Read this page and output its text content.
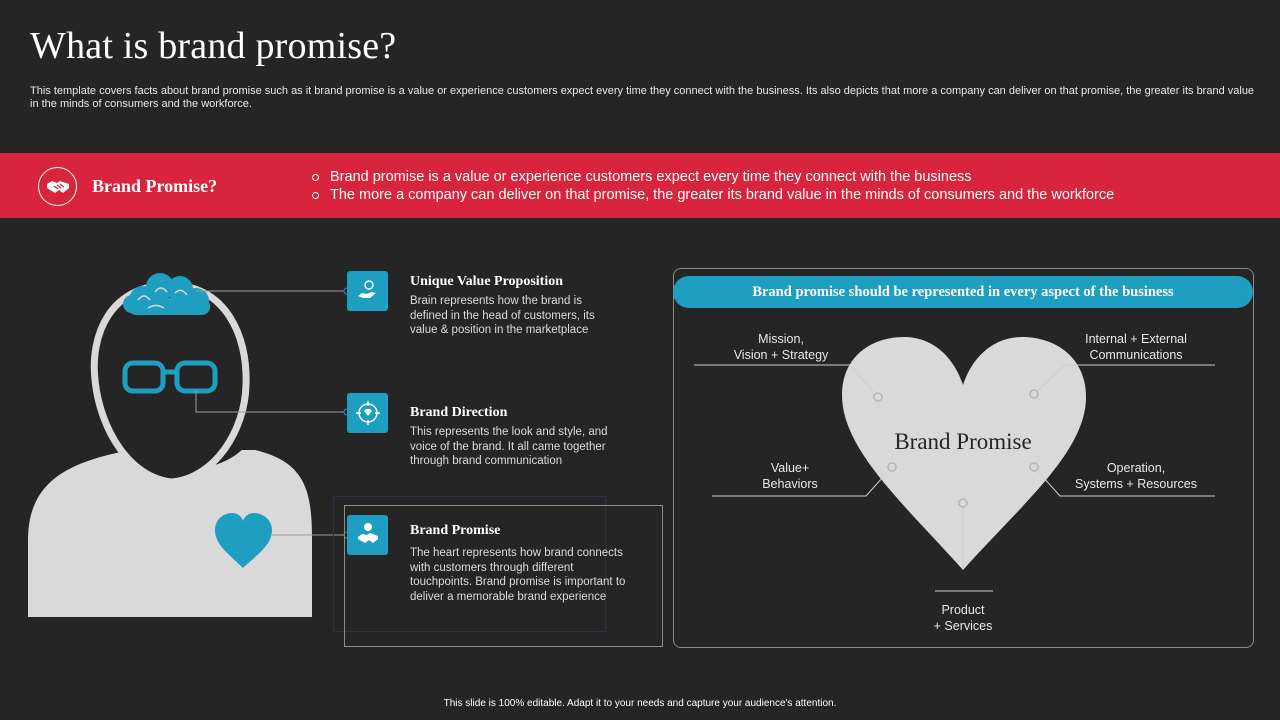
What is brand promise?
This template covers facts about brand promise such as it brand promise is a value or experience customers expect every time they connect with the business. Its also depicts that more a company can deliver on that promise, the greater its brand value in the minds of consumers and the workforce.
Brand Promise?	Brand promise is a value or experience customers expect every time they connect with the business
The more a company can deliver on that promise, the greater its brand value in the minds of consumers and the workforce
Unique Value Proposition
Brain represents how the brand is defined in the head of customers, its value & position in the marketplace
Brand Direction
This represents the look and style, and voice of the brand. It all came together through brand communication
Brand Promise
The heart represents how brand connects with customers through different touchpoints. Brand promise is important to deliver a memorable brand experience
Brand promise should be represented in every aspect of the business
Brand Promise
Mission,
Vision + Strategy
Internal + External
Communications
Value+
Behaviors
Operation,
Systems + Resources
Product
+ Services
This slide is 100% editable. Adapt it to your needs and capture your audience's attention.
